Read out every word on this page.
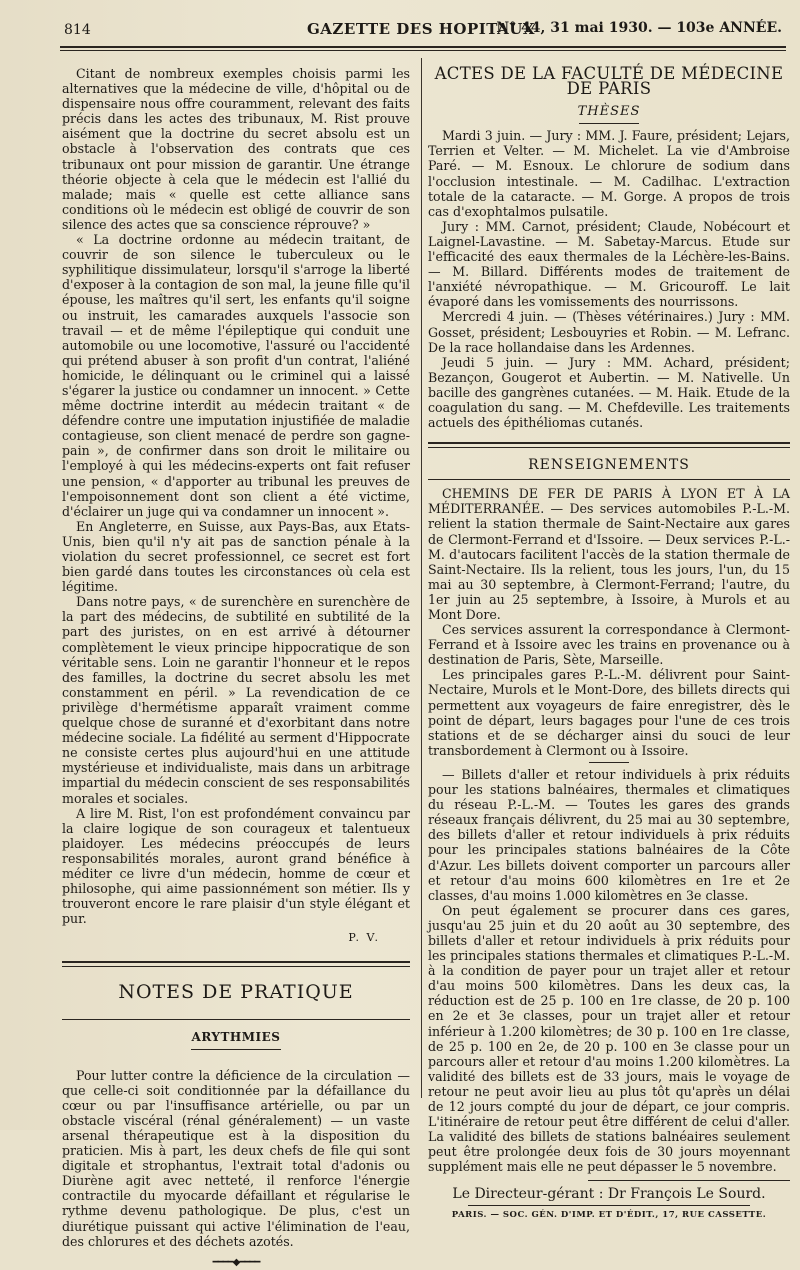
814	GAZETTE DES HOPITAUX
N° 44, 31 mai 1930. — 103e ANNÉE.

Citant de nombreux exemples choisis parmi les alternatives que la médecine de ville, d'hôpital ou de dispensaire nous offre couramment, relevant des faits précis dans les actes des tribunaux, M. Rist prouve aisément que la doctrine du secret absolu est un obstacle à l'observation des contrats que ces tribunaux ont pour mission de garantir. Une étrange théorie objecte à cela que le médecin est l'allié du malade; mais « quelle est cette alliance sans conditions où le médecin est obligé de couvrir de son silence des actes que sa conscience réprouve? »

« La doctrine ordonne au médecin traitant, de couvrir de son silence le tuberculeux ou le syphilitique dissimulateur, lorsqu'il s'arroge la liberté d'exposer à la contagion de son mal, la jeune fille qu'il épouse, les maîtres qu'il sert, les enfants qu'il soigne ou instruit, les camarades auxquels l'associe son travail — et de même l'épileptique qui conduit une automobile ou une locomotive, l'assuré ou l'accidenté qui prétend abuser à son profit d'un contrat, l'aliéné homicide, le délinquant ou le criminel qui a laissé s'égarer la justice ou condamner un innocent. » Cette même doctrine interdit au médecin traitant « de défendre contre une imputation injustifiée de maladie contagieuse, son client menacé de perdre son gagne-pain », de confirmer dans son droit le militaire ou l'employé à qui les médecins-experts ont fait refuser une pension, « d'apporter au tribunal les preuves de l'empoisonnement dont son client a été victime, d'éclairer un juge qui va condamner un innocent ».

En Angleterre, en Suisse, aux Pays-Bas, aux Etats-Unis, bien qu'il n'y ait pas de sanction pénale à la violation du secret professionnel, ce secret est fort bien gardé dans toutes les circonstances où cela est légitime.

Dans notre pays, « de surenchère en surenchère de la part des médecins, de subtilité en subtilité de la part des juristes, on en est arrivé à détourner complètement le vieux principe hippocratique de son véritable sens. Loin ne garantir l'honneur et le repos des familles, la doctrine du secret absolu les met constamment en péril. » La revendication de ce privilège d'hermétisme apparaît vraiment comme quelque chose de suranné et d'exorbitant dans notre médecine sociale. La fidélité au serment d'Hippocrate ne consiste certes plus aujourd'hui en une attitude mystérieuse et individualiste, mais dans un arbitrage impartial du médecin conscient de ses responsabilités morales et sociales.

A lire M. Rist, l'on est profondément convaincu par la claire logique de son courageux et talentueux plaidoyer. Les médecins préoccupés de leurs responsabilités morales, auront grand bénéfice à méditer ce livre d'un médecin, homme de cœur et philosophe, qui aime passionnément son métier. Ils y trouveront encore le rare plaisir d'un style élégant et pur.

P. V.
NOTES DE PRATIQUE
ARYTHMIES

Pour lutter contre la déficience de la circulation — que celle-ci soit conditionnée par la défaillance du cœur ou par l'insuffisance artérielle, ou par un obstacle viscéral (rénal généralement) — un vaste arsenal thérapeutique est à la disposition du praticien. Mis à part, les deux chefs de file qui sont digitale et strophantus, l'extrait total d'adonis ou Diurène agit avec netteté, il renforce l'énergie contractile du myocarde défaillant et régularise le rythme devenu pathologique. De plus, c'est un diurétique puissant qui active l'élimination de l'eau, des chlorures et des déchets azotés.

━━━━◆━━━━
ACTES DE LA FACULTÉ DE MÉDECINE DE PARIS
THÈSES

Mardi 3 juin. — Jury : MM. J. Faure, président; Lejars, Terrien et Velter. — M. Michelet. La vie d'Ambroise Paré. — M. Esnoux. Le chlorure de sodium dans l'occlusion intestinale. — M. Cadilhac. L'extraction totale de la cataracte. — M. Gorge. A propos de trois cas d'exophtalmos pulsatile.

Jury : MM. Carnot, président; Claude, Nobécourt et Laignel-Lavastine. — M. Sabetay-Marcus. Etude sur l'efficacité des eaux thermales de la Léchère-les-Bains. — M. Billard. Différents modes de traitement de l'anxiété névropathique. — M. Gricouroff. Le lait évaporé dans les vomissements des nourrissons.

Mercredi 4 juin. — (Thèses vétérinaires.) Jury : MM. Gosset, président; Lesbouyries et Robin. — M. Lefranc. De la race hollandaise dans les Ardennes.

Jeudi 5 juin. — Jury : MM. Achard, président; Bezançon, Gougerot et Aubertin. — M. Nativelle. Un bacille des gangrènes cutanées. — M. Haik. Etude de la coagulation du sang. — M. Chefdeville. Les traitements actuels des épithéliomas cutanés.

RENSEIGNEMENTS

CHEMINS DE FER DE PARIS À LYON ET À LA MÉDITERRANÉE. — Des services automobiles P.-L.-M. relient la station thermale de Saint-Nectaire aux gares de Clermont-Ferrand et d'Issoire. — Deux services P.-L.-M. d'autocars facilitent l'accès de la station thermale de Saint-Nectaire. Ils la relient, tous les jours, l'un, du 15 mai au 30 septembre, à Clermont-Ferrand; l'autre, du 1er juin au 25 septembre, à Issoire, à Murols et au Mont Dore.

Ces services assurent la correspondance à Clermont-Ferrand et à Issoire avec les trains en provenance ou à destination de Paris, Sète, Marseille.

Les principales gares P.-L.-M. délivrent pour Saint-Nectaire, Murols et le Mont-Dore, des billets directs qui permettent aux voyageurs de faire enregistrer, dès le point de départ, leurs bagages pour l'une de ces trois stations et de se décharger ainsi du souci de leur transbordement à Clermont ou à Issoire.

— Billets d'aller et retour individuels à prix réduits pour les stations balnéaires, thermales et climatiques du réseau P.-L.-M. — Toutes les gares des grands réseaux français délivrent, du 25 mai au 30 septembre, des billets d'aller et retour individuels à prix réduits pour les principales stations balnéaires de la Côte d'Azur. Les billets doivent comporter un parcours aller et retour d'au moins 600 kilomètres en 1re et 2e classes, d'au moins 1.000 kilomètres en 3e classe.

On peut également se procurer dans ces gares, jusqu'au 25 juin et du 20 août au 30 septembre, des billets d'aller et retour individuels à prix réduits pour les principales stations thermales et climatiques P.-L.-M. à la condition de payer pour un trajet aller et retour d'au moins 500 kilomètres. Dans les deux cas, la réduction est de 25 p. 100 en 1re classe, de 20 p. 100 en 2e et 3e classes, pour un trajet aller et retour inférieur à 1.200 kilomètres; de 30 p. 100 en 1re classe, de 25 p. 100 en 2e, de 20 p. 100 en 3e classe pour un parcours aller et retour d'au moins 1.200 kilomètres. La validité des billets est de 33 jours, mais le voyage de retour ne peut avoir lieu au plus tôt qu'après un délai de 12 jours compté du jour de départ, ce jour compris. L'itinéraire de retour peut être différent de celui d'aller. La validité des billets de stations balnéaires seulement peut être prolongée deux fois de 30 jours moyennant supplément mais elle ne peut dépasser le 5 novembre.

Le Directeur-gérant : Dr François Le Sourd.
PARIS. — SOC. GÉN. D'IMP. ET D'ÉDIT., 17, RUE CASSETTE.
